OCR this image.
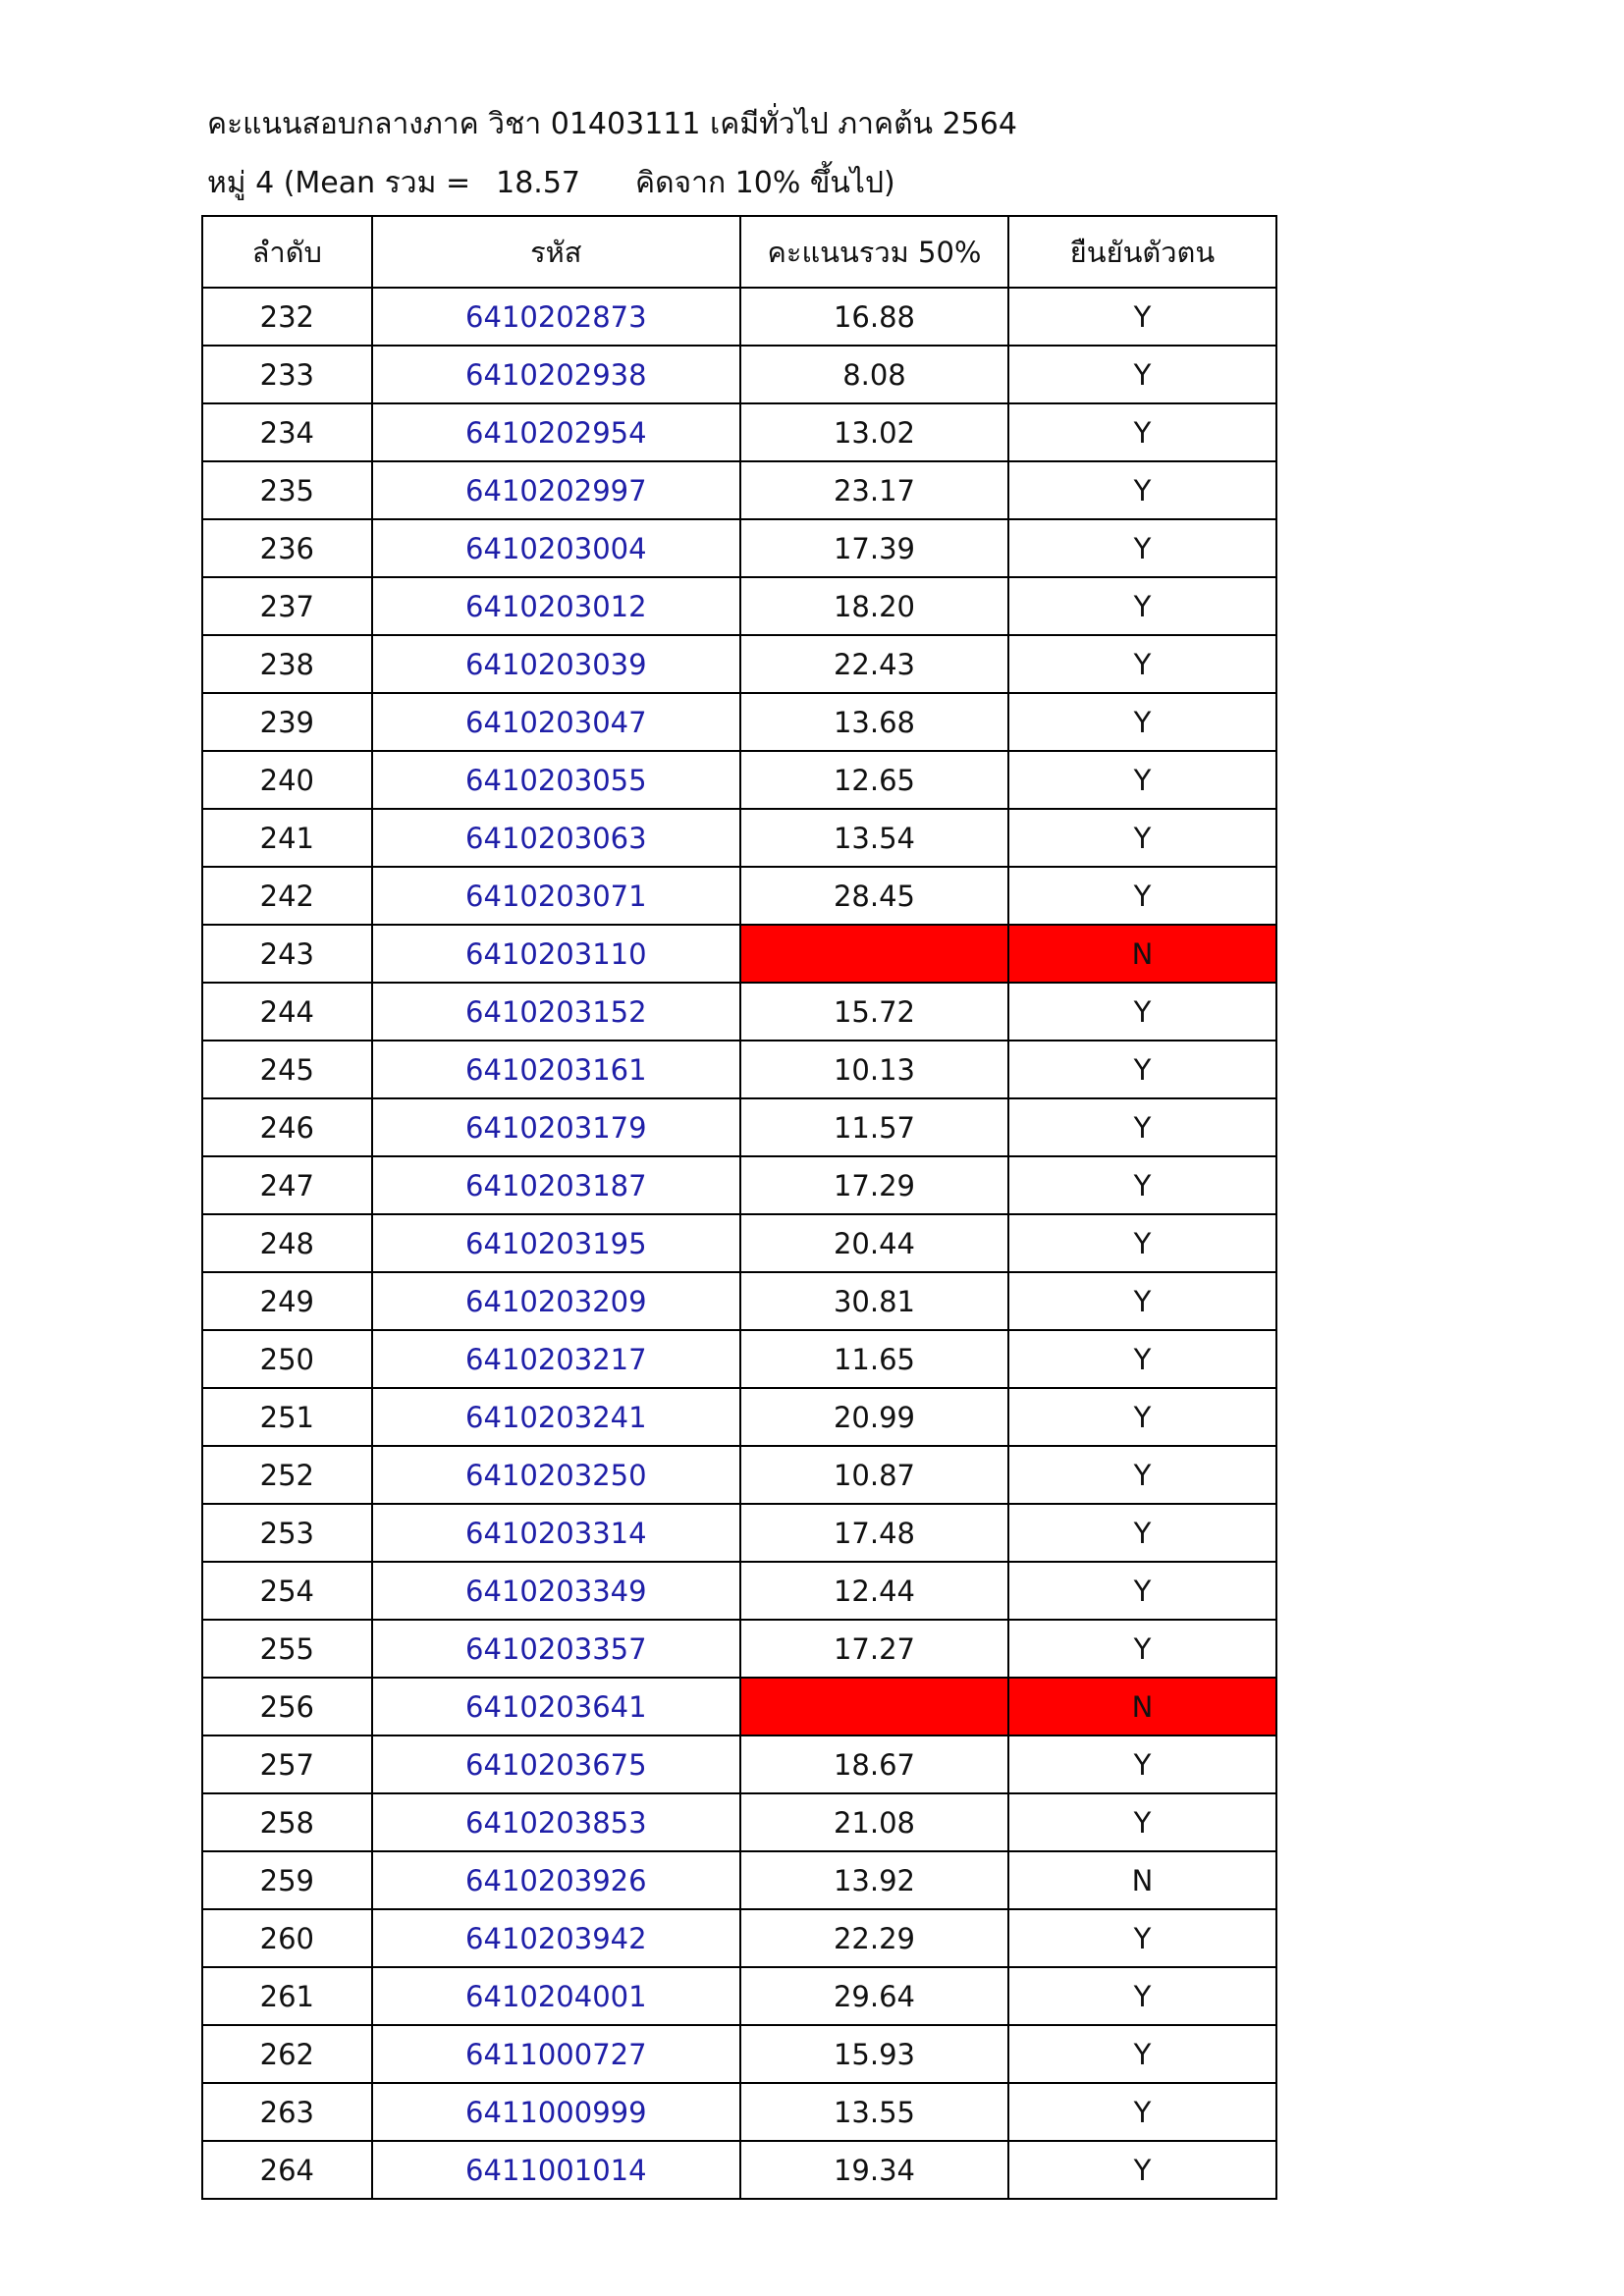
คะแนนสอบกลางภาค วิชา 01403111 เคมีทั่วไป ภาคต้น 2564
หมู่ 4 (Mean รวม = 18.57 คิดจาก 10% ขึ้นไป)
ลำดับ	รหัส	คะแนนรวม 50%	ยืนยันตัวตน
232	6410202873	16.88	Y
233	6410202938	8.08	Y
234	6410202954	13.02	Y
235	6410202997	23.17	Y
236	6410203004	17.39	Y
237	6410203012	18.20	Y
238	6410203039	22.43	Y
239	6410203047	13.68	Y
240	6410203055	12.65	Y
241	6410203063	13.54	Y
242	6410203071	28.45	Y
243	6410203110		N
244	6410203152	15.72	Y
245	6410203161	10.13	Y
246	6410203179	11.57	Y
247	6410203187	17.29	Y
248	6410203195	20.44	Y
249	6410203209	30.81	Y
250	6410203217	11.65	Y
251	6410203241	20.99	Y
252	6410203250	10.87	Y
253	6410203314	17.48	Y
254	6410203349	12.44	Y
255	6410203357	17.27	Y
256	6410203641		N
257	6410203675	18.67	Y
258	6410203853	21.08	Y
259	6410203926	13.92	N
260	6410203942	22.29	Y
261	6410204001	29.64	Y
262	6411000727	15.93	Y
263	6411000999	13.55	Y
264	6411001014	19.34	Y
